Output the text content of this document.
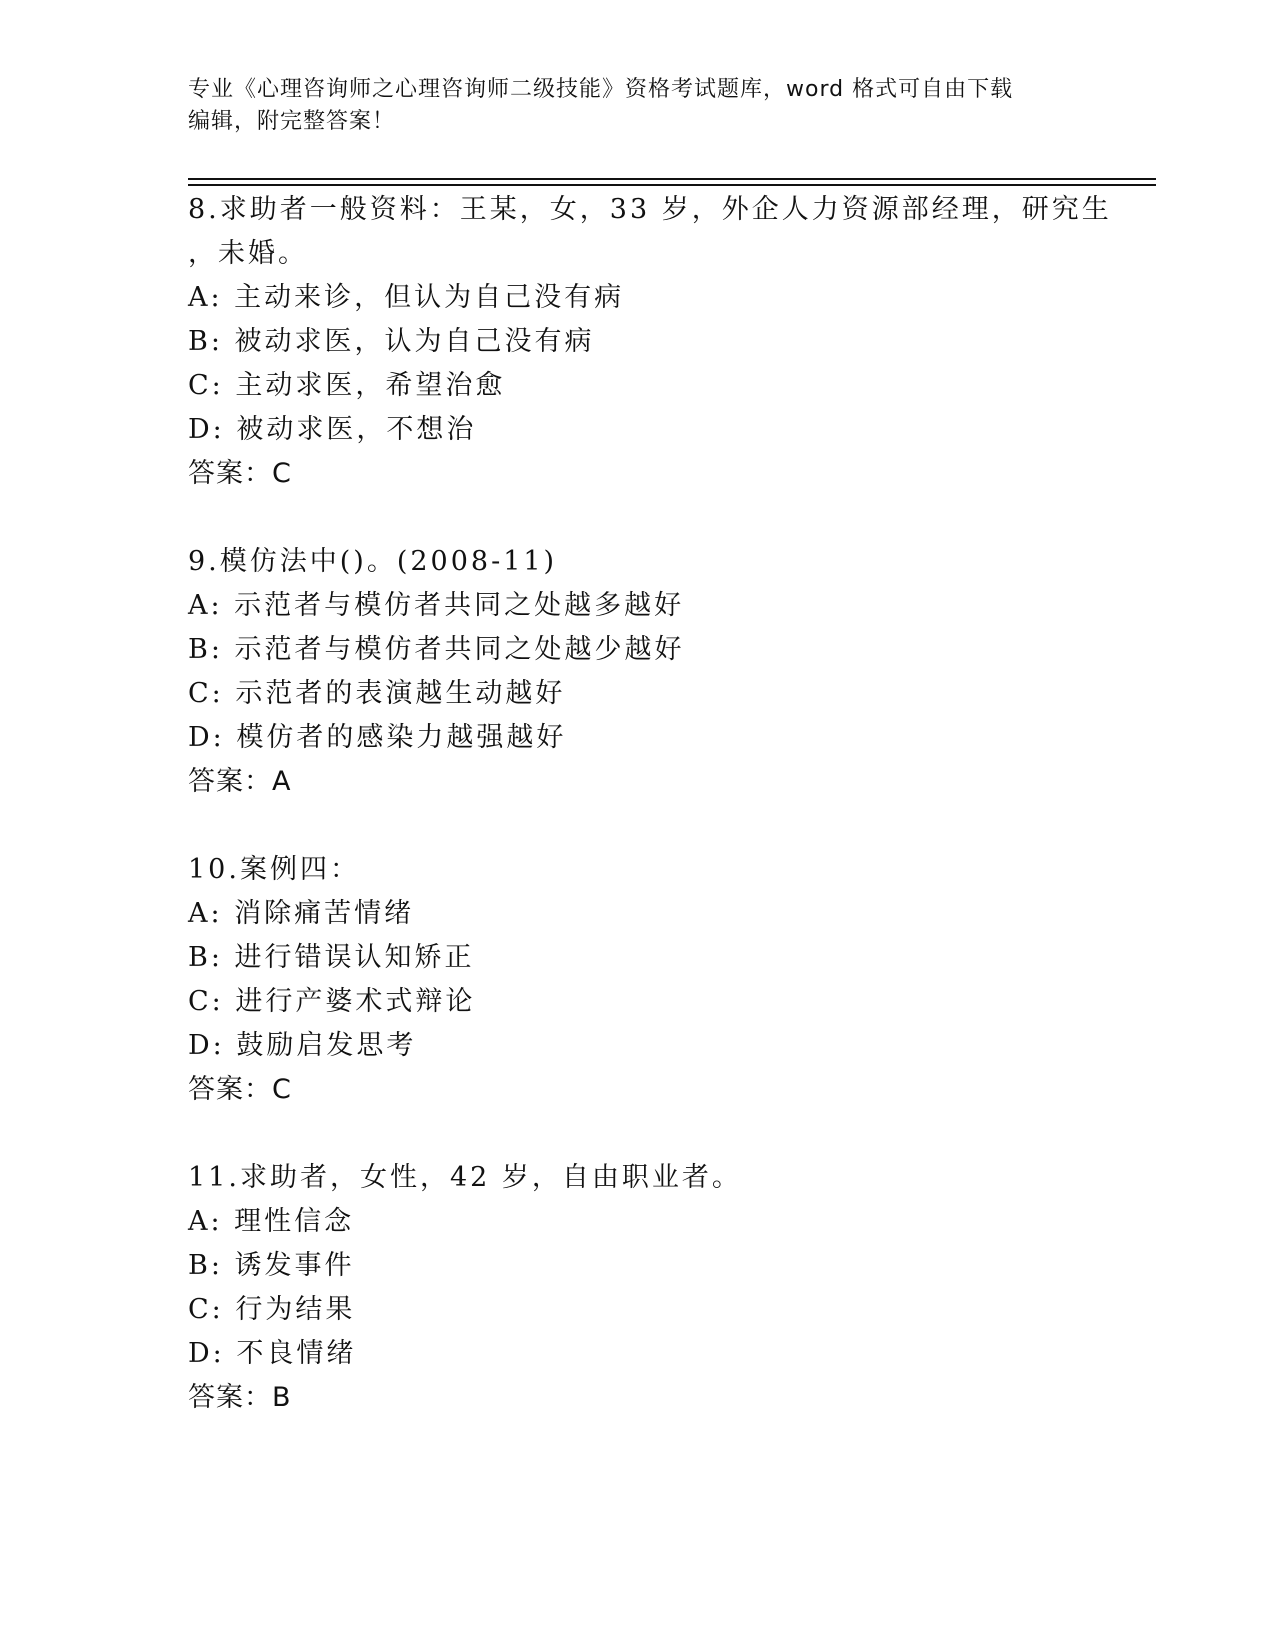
专业《心理咨询师之心理咨询师二级技能》资格考试题库，word 格式可自由下载
编辑，附完整答案！
8.求助者一般资料：王某，女，33 岁，外企人力资源部经理，研究生
，未婚。
A: 主动来诊，但认为自己没有病
B: 被动求医，认为自己没有病
C: 主动求医，希望治愈
D: 被动求医，不想治
答案：C
9.模仿法中()。(2008-11)
A: 示范者与模仿者共同之处越多越好
B: 示范者与模仿者共同之处越少越好
C: 示范者的表演越生动越好
D: 模仿者的感染力越强越好
答案：A
10.案例四：
A: 消除痛苦情绪
B: 进行错误认知矫正
C: 进行产婆术式辩论
D: 鼓励启发思考
答案：C
11.求助者，女性，42 岁，自由职业者。
A: 理性信念
B: 诱发事件
C: 行为结果
D: 不良情绪
答案：B
